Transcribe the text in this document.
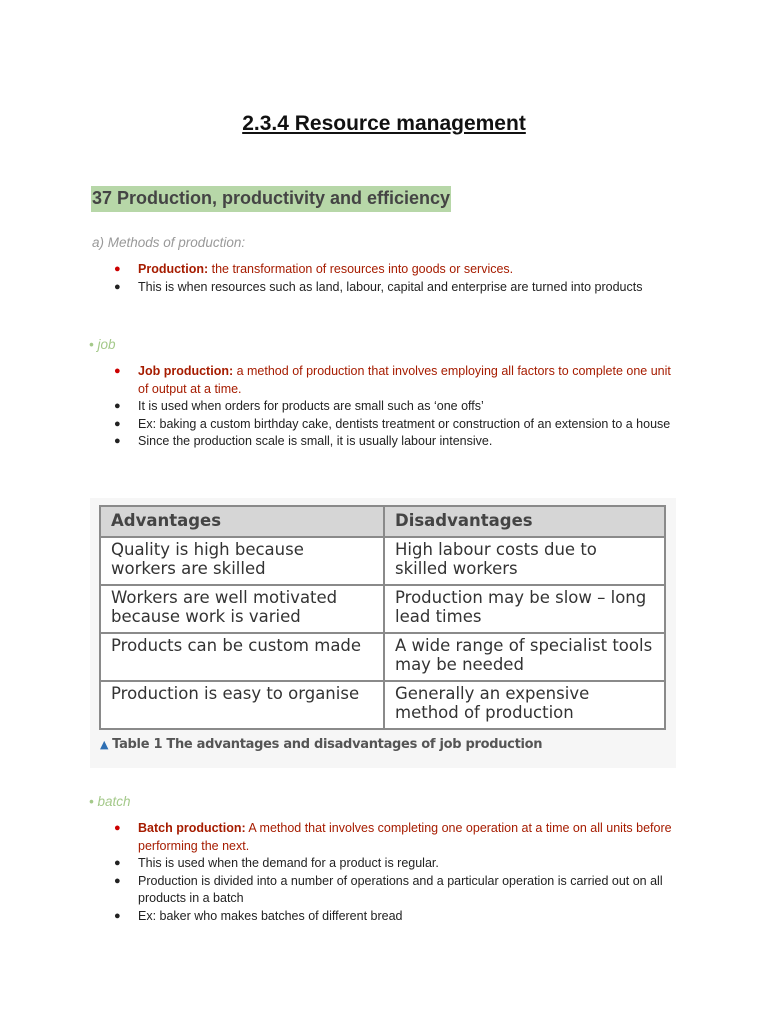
2.3.4 Resource management
37 Production, productivity and efficiency
a) Methods of production:
● Production: the transformation of resources into goods or services.
● This is when resources such as land, labour, capital and enterprise are turned into products
• job
● Job production: a method of production that involves employing all factors to complete one unit of output at a time.
● It is used when orders for products are small such as ‘one offs’
● Ex: baking a custom birthday cake, dentists treatment or construction of an extension to a house
● Since the production scale is small, it is usually labour intensive.
Advantages	Disadvantages
Quality is high because workers are skilled	High labour costs due to skilled workers
Workers are well motivated because work is varied	Production may be slow – long lead times
Products can be custom made	A wide range of specialist tools may be needed
Production is easy to organise	Generally an expensive method of production
▲ Table 1 The advantages and disadvantages of job production
• batch
● Batch production: A method that involves completing one operation at a time on all units before performing the next.
● This is used when the demand for a product is regular.
● Production is divided into a number of operations and a particular operation is carried out on all products in a batch
● Ex: baker who makes batches of different bread
